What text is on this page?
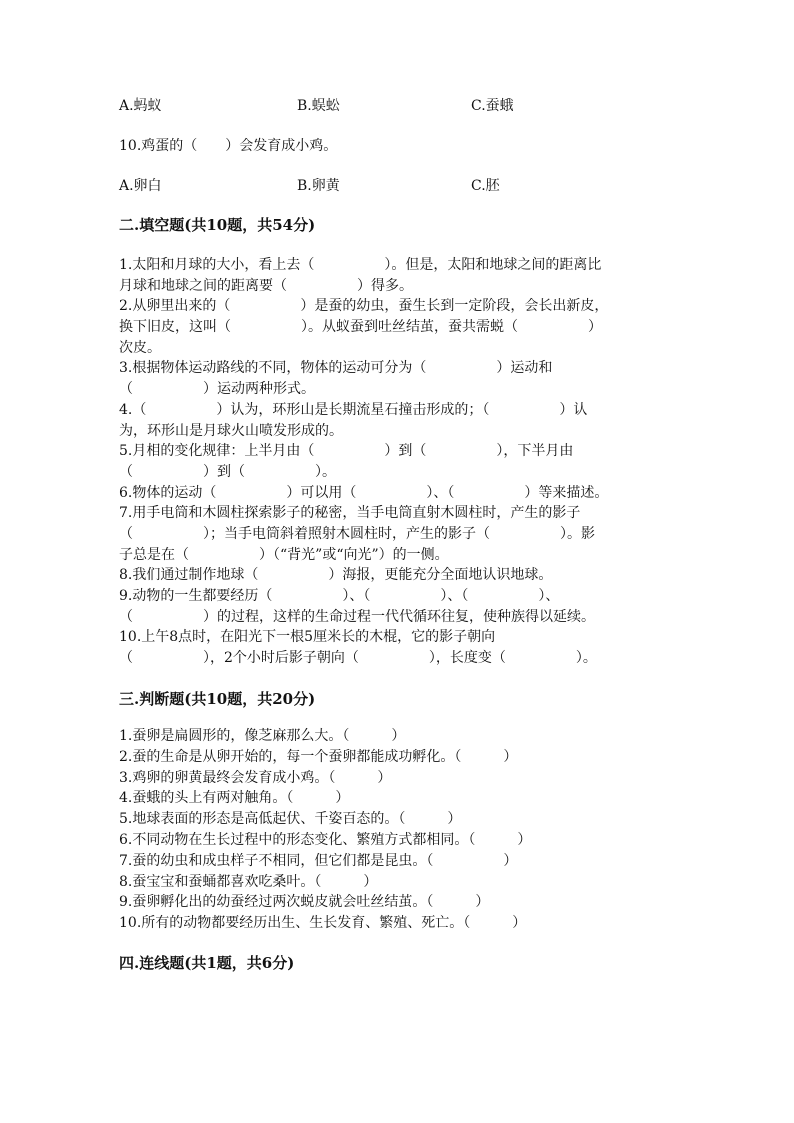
A.蚂蚁	B.蜈蚣	C.蚕蛾
10.鸡蛋的（　　）会发育成小鸡。
A.卵白	B.卵黄	C.胚
二.填空题(共10题，共54分)
1.太阳和月球的大小，看上去（　　　　　）。但是，太阳和地球之间的距离比
月球和地球之间的距离要（　　　　　）得多。
2.从卵里出来的（　　　　　）是蚕的幼虫，蚕生长到一定阶段，会长出新皮，
换下旧皮，这叫（　　　　　）。从蚁蚕到吐丝结茧，蚕共需蜕（　　　　　）
次皮。
3.根据物体运动路线的不同，物体的运动可分为（　　　　　）运动和
（　　　　　）运动两种形式。
4.（　　　　　）认为，环形山是长期流星石撞击形成的；（　　　　　）认
为，环形山是月球火山喷发形成的。
5.月相的变化规律：上半月由（　　　　　）到（　　　　　），下半月由
（　　　　　）到（　　　　　）。
6.物体的运动（　　　　　）可以用（　　　　　）、（　　　　　）等来描述。
7.用手电筒和木圆柱探索影子的秘密，当手电筒直射木圆柱时，产生的影子
（　　　　　）；当手电筒斜着照射木圆柱时，产生的影子（　　　　　）。影
子总是在（　　　　　）（“背光”或“向光”）的一侧。
8.我们通过制作地球（　　　　　）海报，更能充分全面地认识地球。
9.动物的一生都要经历（　　　　　）、（　　　　　）、（　　　　　）、
（　　　　　）的过程，这样的生命过程一代代循环往复，使种族得以延续。
10.上午8点时，在阳光下一根5厘米长的木棍，它的影子朝向
（　　　　　），2个小时后影子朝向（　　　　　），长度变（　　　　　）。
三.判断题(共10题，共20分)
1.蚕卵是扁圆形的，像芝麻那么大。（　　　）
2.蚕的生命是从卵开始的，每一个蚕卵都能成功孵化。（　　　）
3.鸡卵的卵黄最终会发育成小鸡。（　　　）
4.蚕蛾的头上有两对触角。（　　　）
5.地球表面的形态是高低起伏、千姿百态的。（　　　）
6.不同动物在生长过程中的形态变化、繁殖方式都相同。（　　　）
7.蚕的幼虫和成虫样子不相同，但它们都是昆虫。（　　　　　）
8.蚕宝宝和蚕蛹都喜欢吃桑叶。（　　　）
9.蚕卵孵化出的幼蚕经过两次蜕皮就会吐丝结茧。（　　　）
10.所有的动物都要经历出生、生长发育、繁殖、死亡。（　　　）
四.连线题(共1题，共6分)
